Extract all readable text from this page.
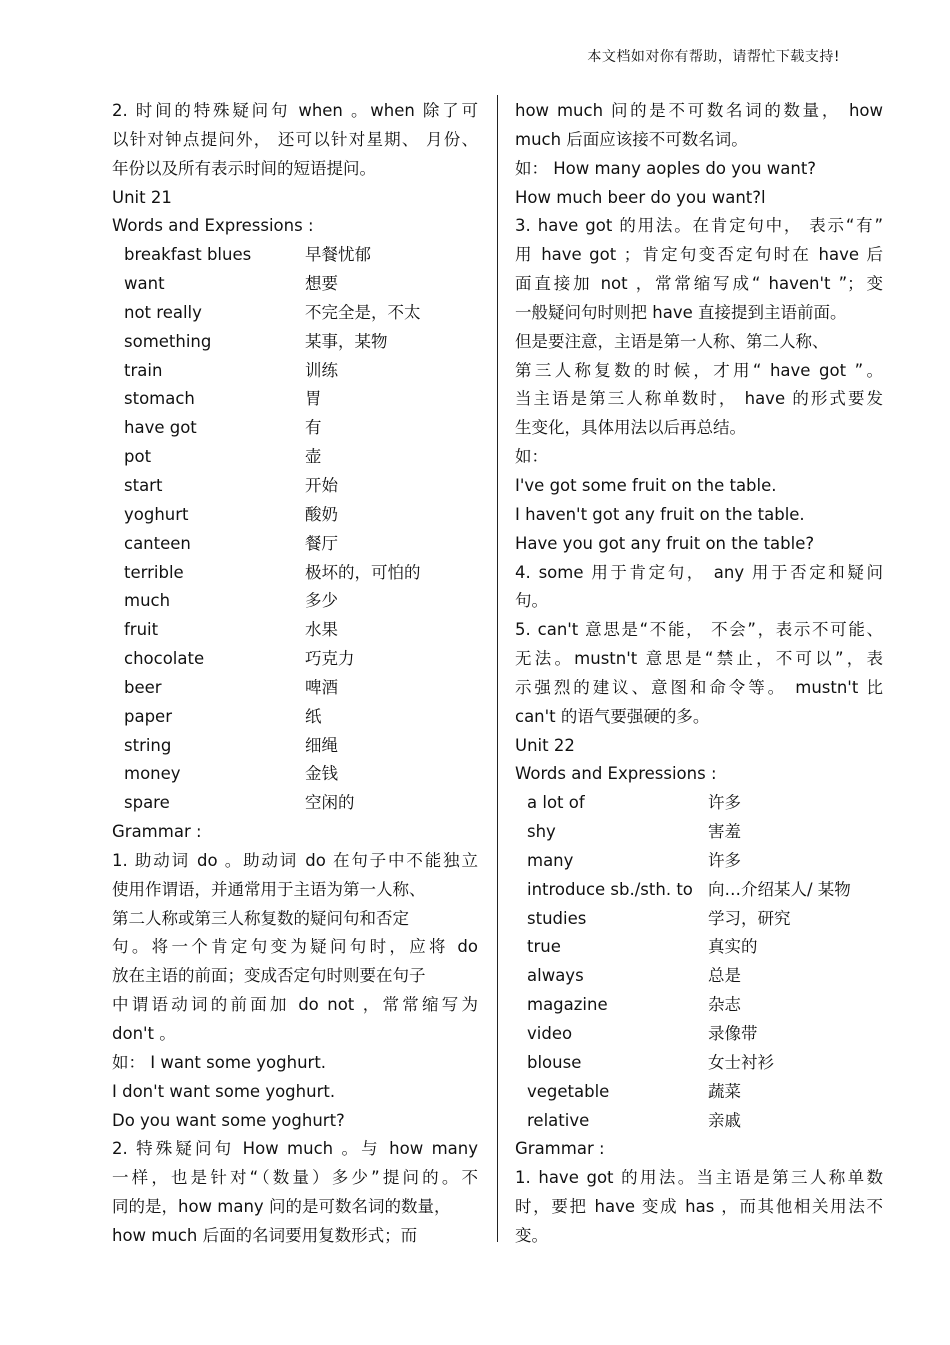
本文档如对你有帮助，请帮忙下载支持!
2. 时间的特殊疑问句 when 。when 除了可
以针对钟点提问外， 还可以针对星期、 月份、
年份以及所有表示时间的短语提问。
Unit 21
Words and Expressions :
breakfast blues	早餐忧郁
want	想要
not really	不完全是，不太
something	某事，某物
train	训练
stomach	胃
have got	有
pot	壶
start	开始
yoghurt	酸奶
canteen	餐厅
terrible	极坏的，可怕的
much	多少
fruit	水果
chocolate	巧克力
beer	啤酒
paper	纸
string	细绳
money	金钱
spare	空闲的
Grammar :
1. 助动词 do 。助动词 do 在句子中不能独立
使用作谓语，并通常用于主语为第一人称、
第二人称或第三人称复数的疑问句和否定
句。将一个肯定句变为疑问句时，应将 do
放在主语的前面；变成否定句时则要在句子
中谓语动词的前面加 do not ，常常缩写为
don't 。
如： I want some yoghurt.
I don't want some yoghurt.
Do you want some yoghurt?
2. 特殊疑问句 How much 。与 how many
一样，也是针对“（数量）多少”提问的。不
同的是，how many 问的是可数名词的数量，
how much 后面的名词要用复数形式；而
how much 问的是不可数名词的数量， how
much 后面应该接不可数名词。
如： How many aoples do you want?
How much beer do you want?l
3. have got 的用法。在肯定句中， 表示“有”
用 have got ；肯定句变否定句时在 have 后
面直接加 not ，常常缩写成“ haven't ”；变
一般疑问句时则把 have 直接提到主语前面。
但是要注意，主语是第一人称、第二人称、
第三人称复数的时候，才用“ have got ”。
当主语是第三人称单数时， have 的形式要发
生变化，具体用法以后再总结。
如：
I've got some fruit on the table.
I haven't got any fruit on the table.
Have you got any fruit on the table?
4. some 用于肯定句， any 用于否定和疑问
句。
5. can't 意思是“不能， 不会”，表示不可能、
无法。mustn't 意思是“禁止，不可以”，表
示强烈的建议、意图和命令等。 mustn't 比
can't 的语气要强硬的多。
Unit 22
Words and Expressions :
a lot of	许多
shy	害羞
many	许多
introduce sb./sth. to 向…介绍某人/ 某物
studies	学习，研究
true	真实的
always	总是
magazine	杂志
video	录像带
blouse	女士衬衫
vegetable	蔬菜
relative	亲戚
Grammar :
1. have got 的用法。当主语是第三人称单数
时，要把 have 变成 has ，而其他相关用法不
变。
